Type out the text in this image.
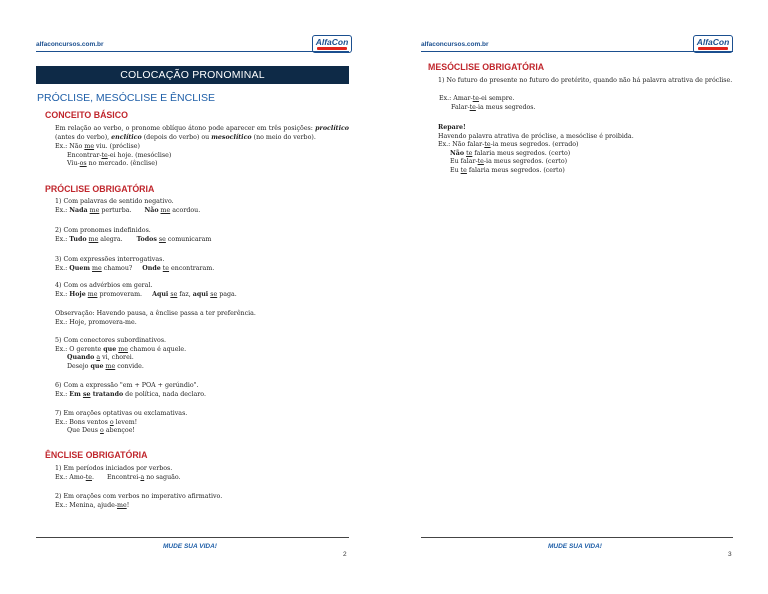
alfaconcursos.com.br	AlfaCon
COLOCAÇÃO PRONOMINAL
PRÓCLISE, MESÓCLISE E ÊNCLISE
CONCEITO BÁSICO

Em relação ao verbo, o pronome oblíquo átono pode aparecer em três posições: proclítico (antes do verbo), enclítico (depois do verbo) ou mesoclítico (no meio do verbo).

Ex.: Não me viu. (próclise)

Encontrar-te-ei hoje. (mesóclise)

Viu-os no mercado. (ênclise)

PRÓCLISE OBRIGATÓRIA

1) Com palavras de sentido negativo.

Ex.: Nada me perturba. Não me acordou.

2) Com pronomes indefinidos.

Ex.: Tudo me alegra. Todos se comunicaram

3) Com expressões interrogativas.

Ex.: Quem me chamou? Onde te encontraram.

4) Com os advérbios em geral.

Ex.: Hoje me promoveram. Aqui se faz, aqui se paga.

Observação: Havendo pausa, a ênclise passa a ter preferência.

Ex.: Hoje, promovera-me.

5) Com conectores subordinativos.

Ex.: O gerente que me chamou é aquele.

Quando a vi, chorei.

Desejo que me convide.

6) Com a expressão "em + POA + gerúndio".

Ex.: Em se tratando de política, nada declaro.

7) Em orações optativas ou exclamativas.

Ex.: Bons ventos o levem!

Que Deus o abençoe!

ÊNCLISE OBRIGATÓRIA

1) Em períodos iniciados por verbos.

Ex.: Amo-te. Encontrei-a no saguão.

2) Em orações com verbos no imperativo afirmativo.

Ex.: Menina, ajude-me!

MUDE SUA VIDA!
2
alfaconcursos.com.br	AlfaCon
MESÓCLISE OBRIGATÓRIA

1) No futuro do presente no futuro do pretérito, quando não há palavra atrativa de próclise.

Ex.: Amar-te-ei sempre.

Falar-te-ia meus segredos.

Repare!

Havendo palavra atrativa de próclise, a mesóclise é proibida.

Ex.: Não falar-te-ia meus segredos. (errado)

Não te falaria meus segredos. (certo)

Eu falar-te-ia meus segredos. (certo)

Eu te falaria meus segredos. (certo)

MUDE SUA VIDA!
3
